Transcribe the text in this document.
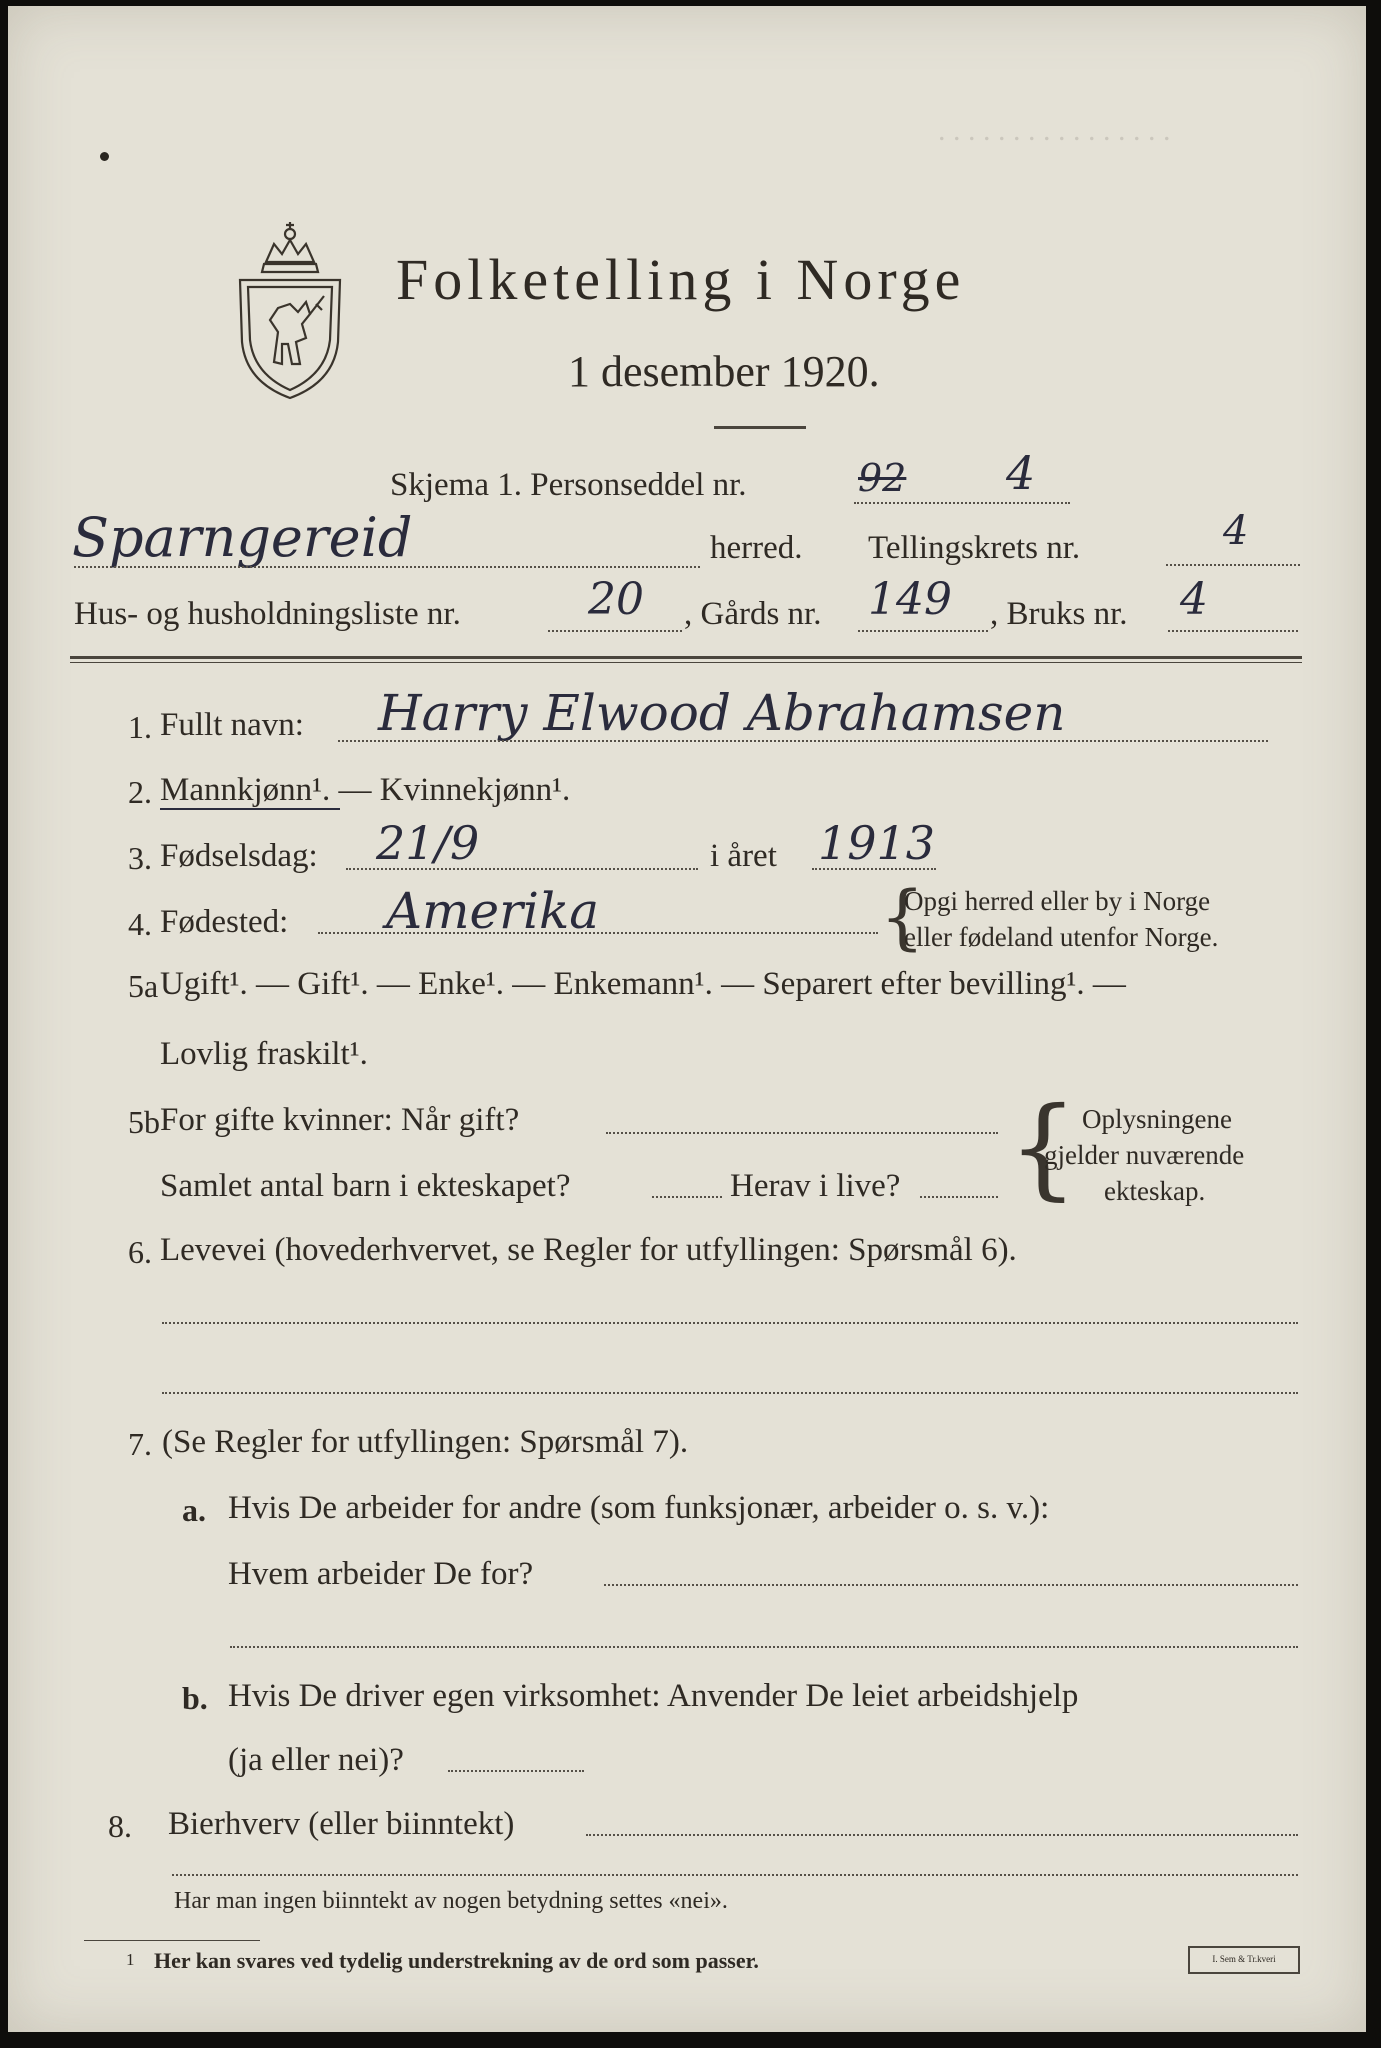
. . . . . . . . . . . . . . . .
Folketelling i Norge
1 desember 1920.
Skjema 1. Personseddel nr.	92 4
Sparngereid	herred. Tellingskrets nr.	4
Hus- og husholdningsliste nr.	20 , Gårds nr. 149 , Bruks nr. 4
1. Fullt navn: Harry Elwood Abrahamsen
2. Mannkjønn¹. — Kvinnekjønn¹.
3. Fødselsdag: 21/9	i året 1913
4. Fødested: Amerika	{
Opgi herred eller by i Norge
eller fødeland utenfor Norge.
5a Ugift¹. — Gift¹. — Enke¹. — Enkemann¹. — Separert efter bevilling¹. —
Lovlig fraskilt¹.
5b For gifte kvinner: Når gift?
Samlet antal barn i ekteskapet?	Herav i live? { Oplysningene
gjelder nuværende
ekteskap.
6. Levevei (hovederhvervet, se Regler for utfyllingen: Spørsmål 6).
7. (Se Regler for utfyllingen: Spørsmål 7).
a. Hvis De arbeider for andre (som funksjonær, arbeider o. s. v.):
Hvem arbeider De for?
b. Hvis De driver egen virksomhet: Anvender De leiet arbeidshjelp
(ja eller nei)?
8. Bierhverv (eller biinntekt)
Har man ingen biinntekt av nogen betydning settes «nei».
1 Her kan svares ved tydelig understrekning av de ord som passer.	I. Sem & Tr.kveri
